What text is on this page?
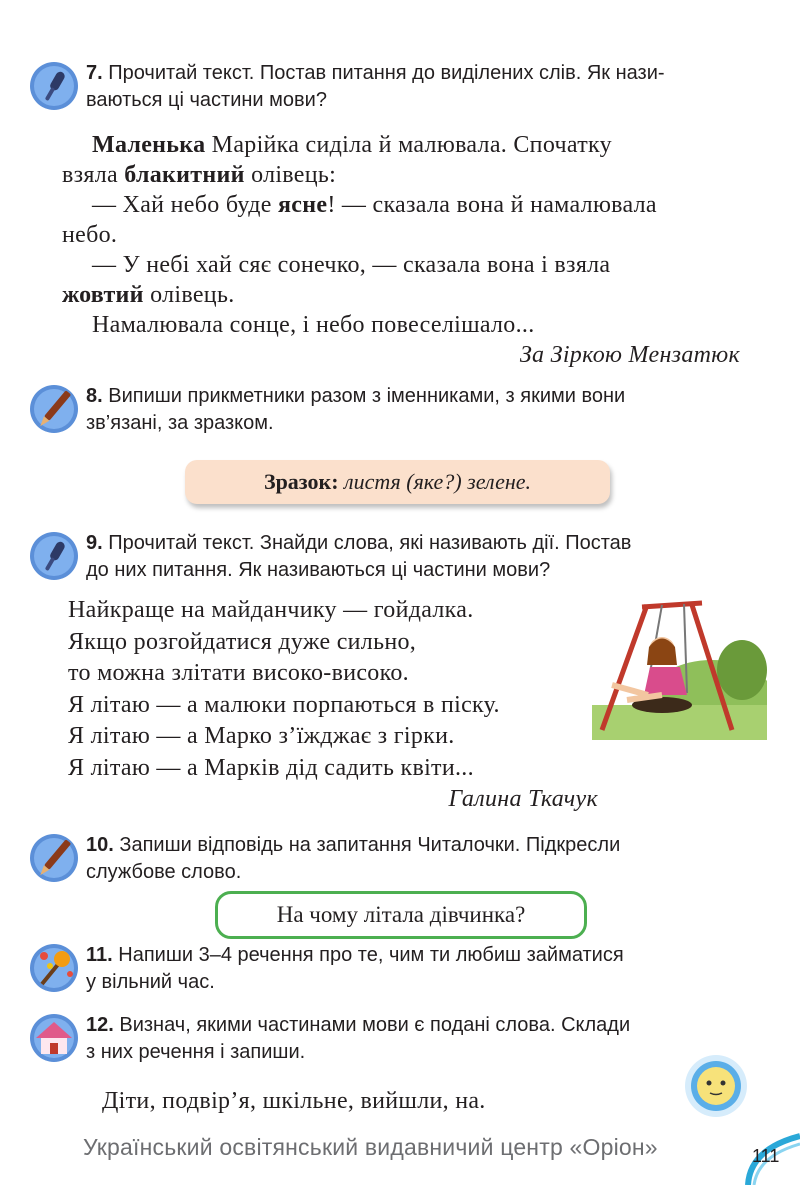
7. Прочитай текст. Постав питання до виділених слів. Як нази-
ваються ці частини мови?

Маленька Марійка сиділа й малювала. Спочатку

взяла блакитний олівець:

— Хай небо буде ясне! — сказала вона й намалювала

небо.

— У небі хай сяє сонечко, — сказала вона і взяла

жовтий олівець.

Намалювала сонце, і небо повеселішало...

За Зіркою Мензатюк

8. Випиши прикметники разом з іменниками, з якими вони
зв’язані, за зразком.
Зразок: листя (яке?) зелене.
9. Прочитай текст. Знайди слова, які називають дії. Постав
до них питання. Як називаються ці частини мови?

Найкраще на майданчику — гойдалка.

Якщо розгойдатися дуже сильно,

то можна злітати високо-високо.

Я літаю — а малюки порпаються в піску.

Я літаю — а Марко з’їжджає з гірки.

Я літаю — а Марків дід садить квіти...

Галина Ткачук

10. Запиши відповідь на запитання Читалочки. Підкресли
службове слово.
На чому літала дівчинка?
11. Напиши 3–4 речення про те, чим ти любиш займатися
у вільний час.
12. Визнач, якими частинами мови є подані слова. Склади
з них речення і запиши.
Діти, подвір’я, шкільне, вийшли, на.
Український освітянський видавничий центр «Оріон»	111
